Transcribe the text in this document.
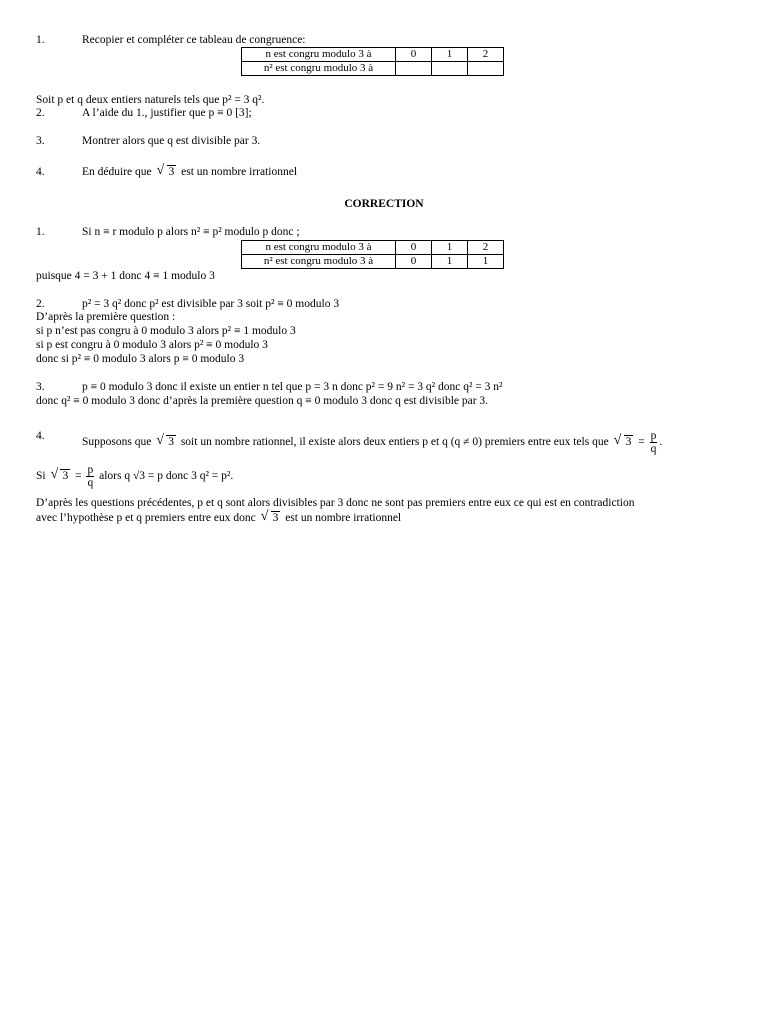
1.	Recopier et compléter ce tableau de congruence:
n est congru modulo 3 à	0	1	2
n² est congru modulo 3 à			
Soit p et q deux entiers naturels tels que p² = 3 q².
2.	A l’aide du 1., justifier que p ≡ 0 [3];
3.	Montrer alors que q est divisible par 3.
4.	En déduire que √ 3 est un nombre irrationnel
CORRECTION
1.	Si n ≡ r modulo p alors n² ≡ p² modulo p donc ;
n est congru modulo 3 à	0	1	2
n² est congru modulo 3 à	0	1	1
puisque 4 = 3 + 1 donc 4 ≡ 1 modulo 3
2.	p² = 3 q² donc p² est divisible par 3 soit p² ≡ 0 modulo 3
D’après la première question :
si p n’est pas congru à 0 modulo 3 alors p² ≡ 1 modulo 3
si p est congru à 0 modulo 3 alors p² ≡ 0 modulo 3
donc si p² ≡ 0 modulo 3 alors p ≡ 0 modulo 3
3.	p ≡ 0 modulo 3 donc il existe un entier n tel que p = 3 n donc p² = 9 n² = 3 q² donc q² = 3 n²
donc q² ≡ 0 modulo 3 donc d’après la première question q ≡ 0 modulo 3 donc q est divisible par 3.
4.
Supposons que √ 3 soit un nombre rationnel, il existe alors deux entiers p et q (q ≠ 0) premiers entre eux tels que √ $3 = \frac{p}{q}$ .
Si √ $3 = \frac{p}{q}$ alors q √3 = p donc 3 q² = p².
D’après les questions précédentes, p et q sont alors divisibles par 3 donc ne sont pas premiers entre eux ce qui est en contradiction
avec l’hypothèse p et q premiers entre eux donc √ 3 est un nombre irrationnel
